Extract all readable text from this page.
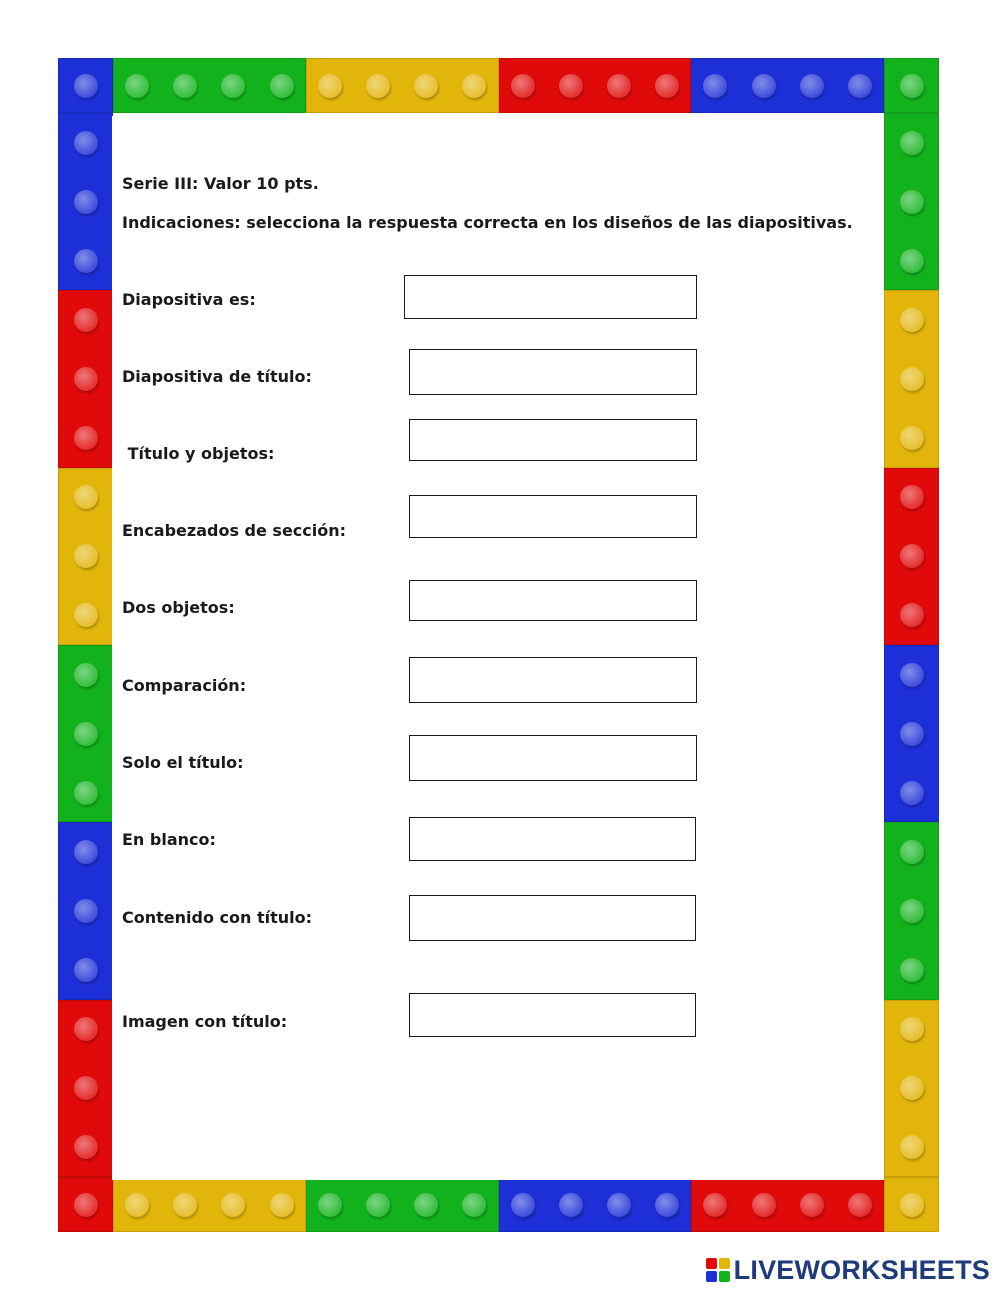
Serie III: Valor 10 pts.
Indicaciones: selecciona la respuesta correcta en los diseños de las diapositivas.
Diapositiva es:
Diapositiva de título:
Título y objetos:
Encabezados de sección:
Dos objetos:
Comparación:
Solo el título:
En blanco:
Contenido con título:
Imagen con título:
LIVEWORKSHEETS
